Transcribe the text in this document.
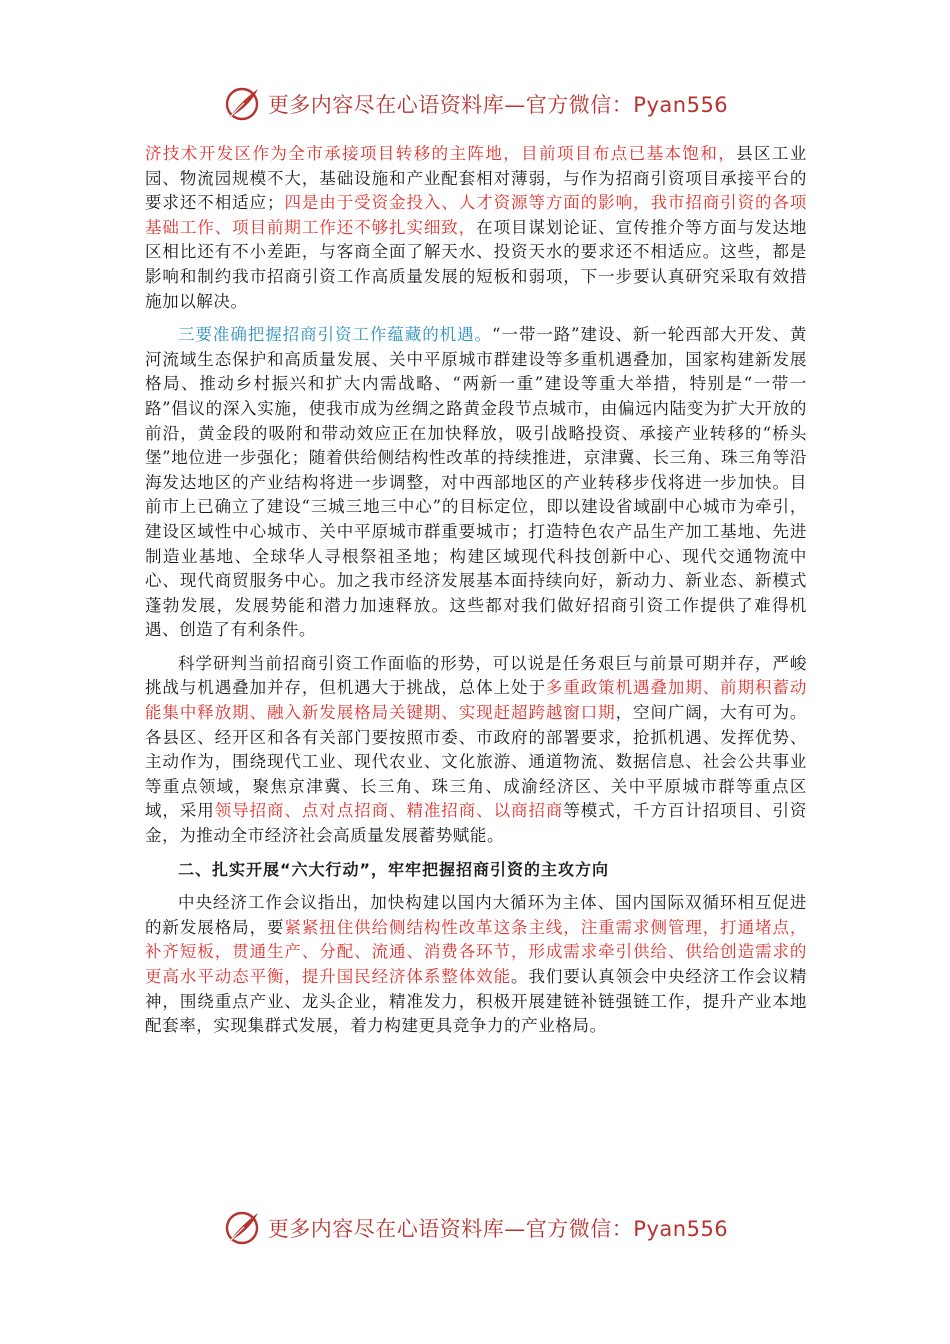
更多内容尽在心语资料库—官方微信：Pyan556

济技术开发区作为全市承接项目转移的主阵地，目前项目布点已基本饱和，县区工业园、物流园规模不大，基础设施和产业配套相对薄弱，与作为招商引资项目承接平台的要求还不相适应；四是由于受资金投入、人才资源等方面的影响，我市招商引资的各项基础工作、项目前期工作还不够扎实细致，在项目谋划论证、宣传推介等方面与发达地区相比还有不小差距，与客商全面了解天水、投资天水的要求还不相适应。这些，都是影响和制约我市招商引资工作高质量发展的短板和弱项，下一步要认真研究采取有效措施加以解决。

三要准确把握招商引资工作蕴藏的机遇。“一带一路”建设、新一轮西部大开发、黄河流域生态保护和高质量发展、关中平原城市群建设等多重机遇叠加，国家构建新发展格局、推动乡村振兴和扩大内需战略、“两新一重”建设等重大举措，特别是“一带一路”倡议的深入实施，使我市成为丝绸之路黄金段节点城市，由偏远内陆变为扩大开放的前沿，黄金段的吸附和带动效应正在加快释放，吸引战略投资、承接产业转移的“桥头堡”地位进一步强化；随着供给侧结构性改革的持续推进，京津冀、长三角、珠三角等沿海发达地区的产业结构将进一步调整，对中西部地区的产业转移步伐将进一步加快。目前市上已确立了建设“三城三地三中心”的目标定位，即以建设省域副中心城市为牵引，建设区域性中心城市、关中平原城市群重要城市；打造特色农产品生产加工基地、先进制造业基地、全球华人寻根祭祖圣地；构建区域现代科技创新中心、现代交通物流中心、现代商贸服务中心。加之我市经济发展基本面持续向好，新动力、新业态、新模式蓬勃发展，发展势能和潜力加速释放。这些都对我们做好招商引资工作提供了难得机遇、创造了有利条件。

科学研判当前招商引资工作面临的形势，可以说是任务艰巨与前景可期并存，严峻挑战与机遇叠加并存，但机遇大于挑战，总体上处于多重政策机遇叠加期、前期积蓄动能集中释放期、融入新发展格局关键期、实现赶超跨越窗口期，空间广阔，大有可为。各县区、经开区和各有关部门要按照市委、市政府的部署要求，抢抓机遇、发挥优势、主动作为，围绕现代工业、现代农业、文化旅游、通道物流、数据信息、社会公共事业等重点领域，聚焦京津冀、长三角、珠三角、成渝经济区、关中平原城市群等重点区域，采用领导招商、点对点招商、精准招商、以商招商等模式，千方百计招项目、引资金，为推动全市经济社会高质量发展蓄势赋能。

二、扎实开展“六大行动”，牢牢把握招商引资的主攻方向

中央经济工作会议指出，加快构建以国内大循环为主体、国内国际双循环相互促进的新发展格局，要紧紧扭住供给侧结构性改革这条主线，注重需求侧管理，打通堵点，补齐短板，贯通生产、分配、流通、消费各环节，形成需求牵引供给、供给创造需求的更高水平动态平衡，提升国民经济体系整体效能。我们要认真领会中央经济工作会议精神，围绕重点产业、龙头企业，精准发力，积极开展建链补链强链工作，提升产业本地配套率，实现集群式发展，着力构建更具竞争力的产业格局。

更多内容尽在心语资料库—官方微信：Pyan556
